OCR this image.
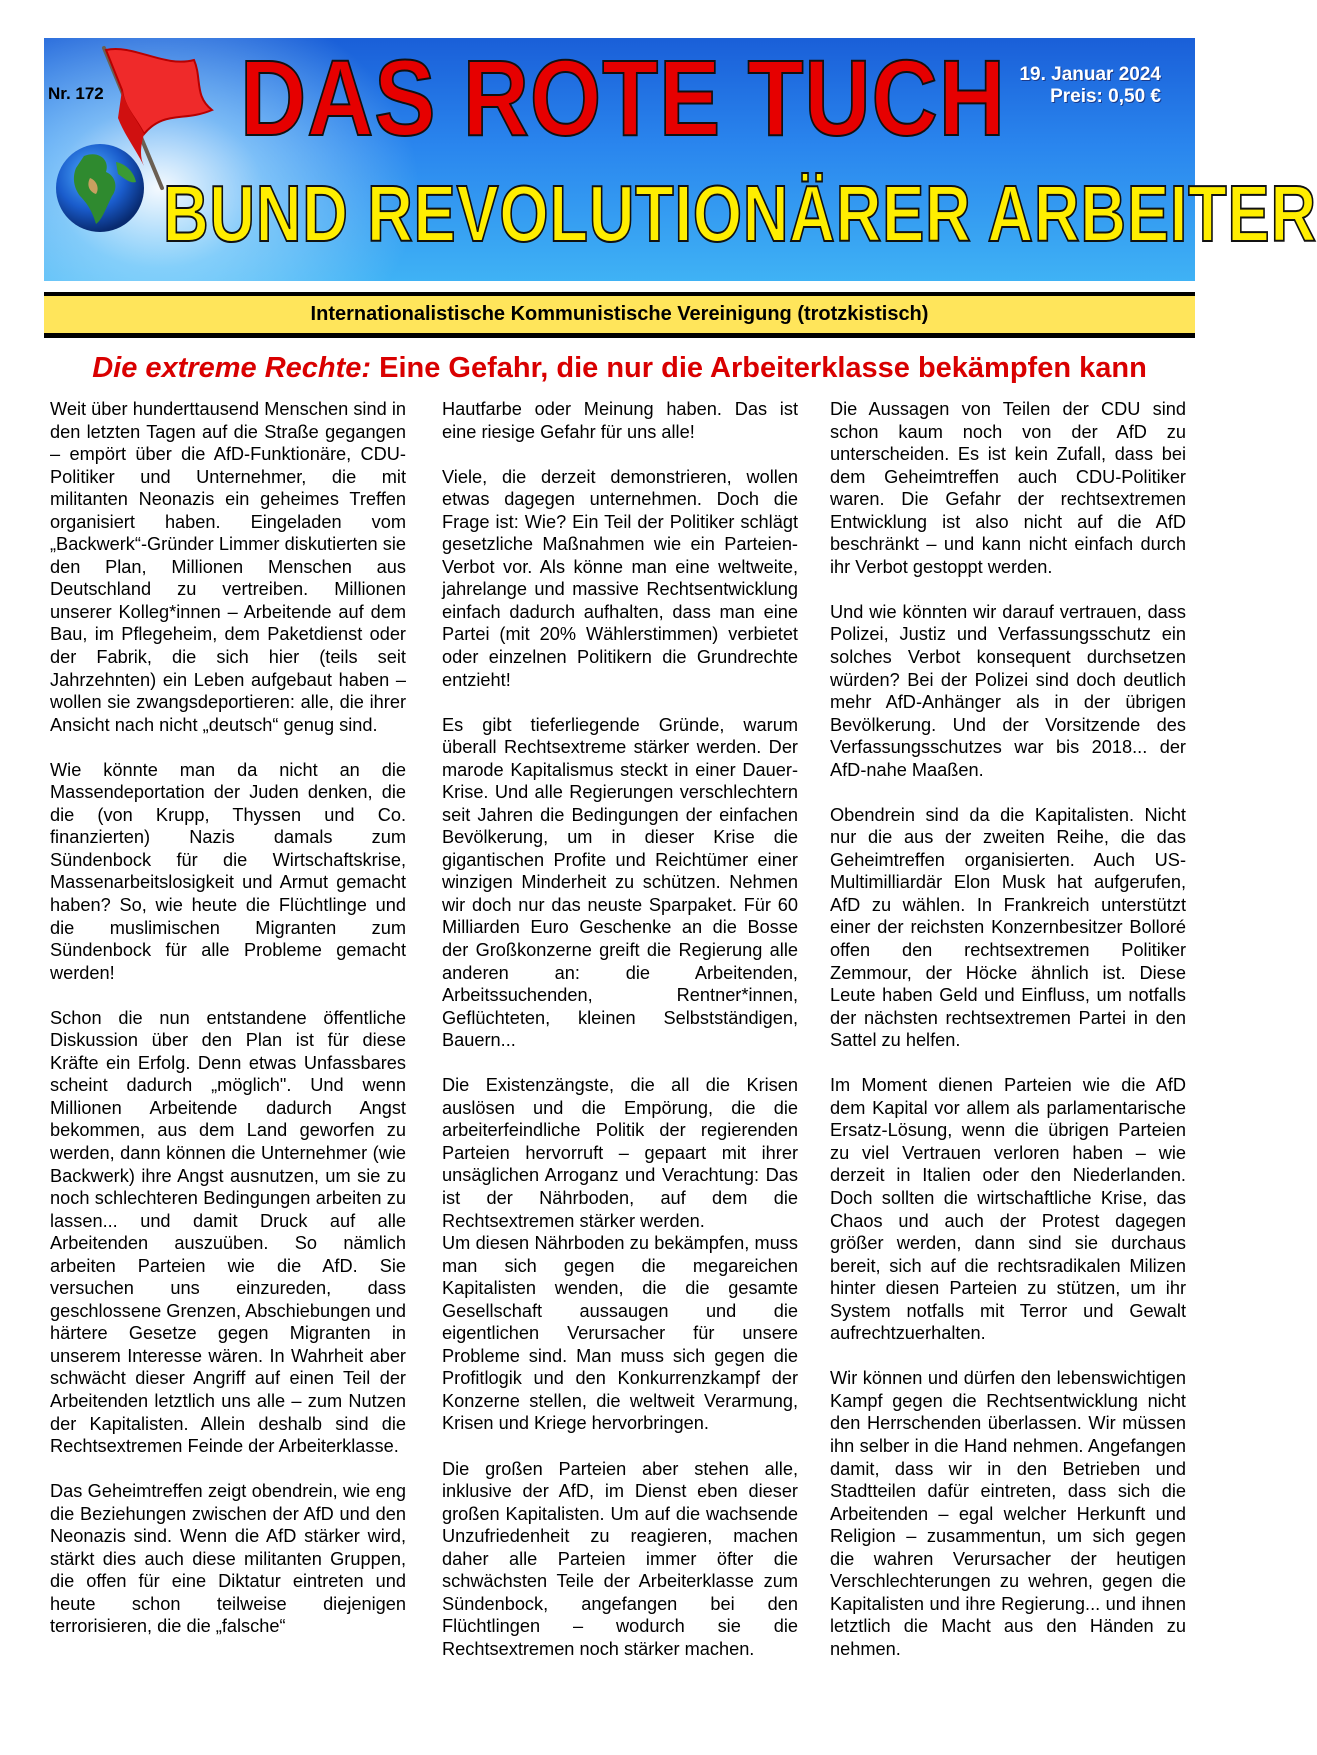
Nr. 172 DAS ROTE TUCH
BUND REVOLUTIONÄRER ARBEITER
19. Januar 2024
Preis: 0,50 €
Internationalistische Kommunistische Vereinigung (trotzkistisch)
Die extreme Rechte: Eine Gefahr, die nur die Arbeiterklasse bekämpfen kann

Weit über hunderttausend Menschen sind in den letzten Tagen auf die Straße gegangen – empört über die AfD-Funktionäre, CDU-Politiker und Unternehmer, die mit militanten Neonazis ein geheimes Treffen organisiert haben. Eingeladen vom „Backwerk“-Gründer Limmer diskutierten sie den Plan, Millionen Menschen aus Deutschland zu vertreiben. Millionen unserer Kolleg*innen – Arbeitende auf dem Bau, im Pflegeheim, dem Paketdienst oder der Fabrik, die sich hier (teils seit Jahrzehnten) ein Leben aufgebaut haben – wollen sie zwangsdeportieren: alle, die ihrer Ansicht nach nicht „deutsch“ genug sind.

Wie könnte man da nicht an die Massendeportation der Juden denken, die die (von Krupp, Thyssen und Co. finanzierten) Nazis damals zum Sündenbock für die Wirtschaftskrise, Massenarbeitslosigkeit und Armut gemacht haben? So, wie heute die Flüchtlinge und die muslimischen Migranten zum Sündenbock für alle Probleme gemacht werden!

Schon die nun entstandene öffentliche Diskussion über den Plan ist für diese Kräfte ein Erfolg. Denn etwas Unfassbares scheint dadurch „möglich". Und wenn Millionen Arbeitende dadurch Angst bekommen, aus dem Land geworfen zu werden, dann können die Unternehmer (wie Backwerk) ihre Angst ausnutzen, um sie zu noch schlechteren Bedingungen arbeiten zu lassen... und damit Druck auf alle Arbeitenden auszuüben. So nämlich arbeiten Parteien wie die AfD. Sie versuchen uns einzureden, dass geschlossene Grenzen, Abschiebungen und härtere Gesetze gegen Migranten in unserem Interesse wären. In Wahrheit aber schwächt dieser Angriff auf einen Teil der Arbeitenden letztlich uns alle – zum Nutzen der Kapitalisten. Allein deshalb sind die Rechtsextremen Feinde der Arbeiterklasse.

Das Geheimtreffen zeigt obendrein, wie eng die Beziehungen zwischen der AfD und den Neonazis sind. Wenn die AfD stärker wird, stärkt dies auch diese militanten Gruppen, die offen für eine Diktatur eintreten und heute schon teilweise diejenigen terrorisieren, die die „falsche“

Hautfarbe oder Meinung haben. Das ist eine riesige Gefahr für uns alle!

Viele, die derzeit demonstrieren, wollen etwas dagegen unternehmen. Doch die Frage ist: Wie? Ein Teil der Politiker schlägt gesetzliche Maßnahmen wie ein Parteien-Verbot vor. Als könne man eine weltweite, jahrelange und massive Rechtsentwicklung einfach dadurch aufhalten, dass man eine Partei (mit 20% Wählerstimmen) verbietet oder einzelnen Politikern die Grundrechte entzieht!

Es gibt tieferliegende Gründe, warum überall Rechtsextreme stärker werden. Der marode Kapitalismus steckt in einer Dauer-Krise. Und alle Regierungen verschlechtern seit Jahren die Bedingungen der einfachen Bevölkerung, um in dieser Krise die gigantischen Profite und Reichtümer einer winzigen Minderheit zu schützen. Nehmen wir doch nur das neuste Sparpaket. Für 60 Milliarden Euro Geschenke an die Bosse der Großkonzerne greift die Regierung alle anderen an: die Arbeitenden, Arbeitssuchenden, Rentner*innen, Geflüchteten, kleinen Selbstständigen, Bauern...

Die Existenzängste, die all die Krisen auslösen und die Empörung, die die arbeiterfeindliche Politik der regierenden Parteien hervorruft – gepaart mit ihrer unsäglichen Arroganz und Verachtung: Das ist der Nährboden, auf dem die Rechtsextremen stärker werden.

Um diesen Nährboden zu bekämpfen, muss man sich gegen die megareichen Kapitalisten wenden, die die gesamte Gesellschaft aussaugen und die eigentlichen Verursacher für unsere Probleme sind. Man muss sich gegen die Profitlogik und den Konkurrenzkampf der Konzerne stellen, die weltweit Verarmung, Krisen und Kriege hervorbringen.

Die großen Parteien aber stehen alle, inklusive der AfD, im Dienst eben dieser großen Kapitalisten. Um auf die wachsende Unzufriedenheit zu reagieren, machen daher alle Parteien immer öfter die schwächsten Teile der Arbeiterklasse zum Sündenbock, angefangen bei den Flüchtlingen – wodurch sie die Rechtsextremen noch stärker machen.

Die Aussagen von Teilen der CDU sind schon kaum noch von der AfD zu unterscheiden. Es ist kein Zufall, dass bei dem Geheimtreffen auch CDU-Politiker waren. Die Gefahr der rechtsextremen Entwicklung ist also nicht auf die AfD beschränkt – und kann nicht einfach durch ihr Verbot gestoppt werden.

Und wie könnten wir darauf vertrauen, dass Polizei, Justiz und Verfassungsschutz ein solches Verbot konsequent durchsetzen würden? Bei der Polizei sind doch deutlich mehr AfD-Anhänger als in der übrigen Bevölkerung. Und der Vorsitzende des Verfassungsschutzes war bis 2018... der AfD-nahe Maaßen.

Obendrein sind da die Kapitalisten. Nicht nur die aus der zweiten Reihe, die das Geheimtreffen organisierten. Auch US-Multimilliardär Elon Musk hat aufgerufen, AfD zu wählen. In Frankreich unterstützt einer der reichsten Konzernbesitzer Bolloré offen den rechtsextremen Politiker Zemmour, der Höcke ähnlich ist. Diese Leute haben Geld und Einfluss, um notfalls der nächsten rechtsextremen Partei in den Sattel zu helfen.

Im Moment dienen Parteien wie die AfD dem Kapital vor allem als parlamentarische Ersatz-Lösung, wenn die übrigen Parteien zu viel Vertrauen verloren haben – wie derzeit in Italien oder den Niederlanden. Doch sollten die wirtschaftliche Krise, das Chaos und auch der Protest dagegen größer werden, dann sind sie durchaus bereit, sich auf die rechtsradikalen Milizen hinter diesen Parteien zu stützen, um ihr System notfalls mit Terror und Gewalt aufrechtzuerhalten.

Wir können und dürfen den lebenswichtigen Kampf gegen die Rechtsentwicklung nicht den Herrschenden überlassen. Wir müssen ihn selber in die Hand nehmen. Angefangen damit, dass wir in den Betrieben und Stadtteilen dafür eintreten, dass sich die Arbeitenden – egal welcher Herkunft und Religion – zusammentun, um sich gegen die wahren Verursacher der heutigen Verschlechterungen zu wehren, gegen die Kapitalisten und ihre Regierung... und ihnen letztlich die Macht aus den Händen zu nehmen.
